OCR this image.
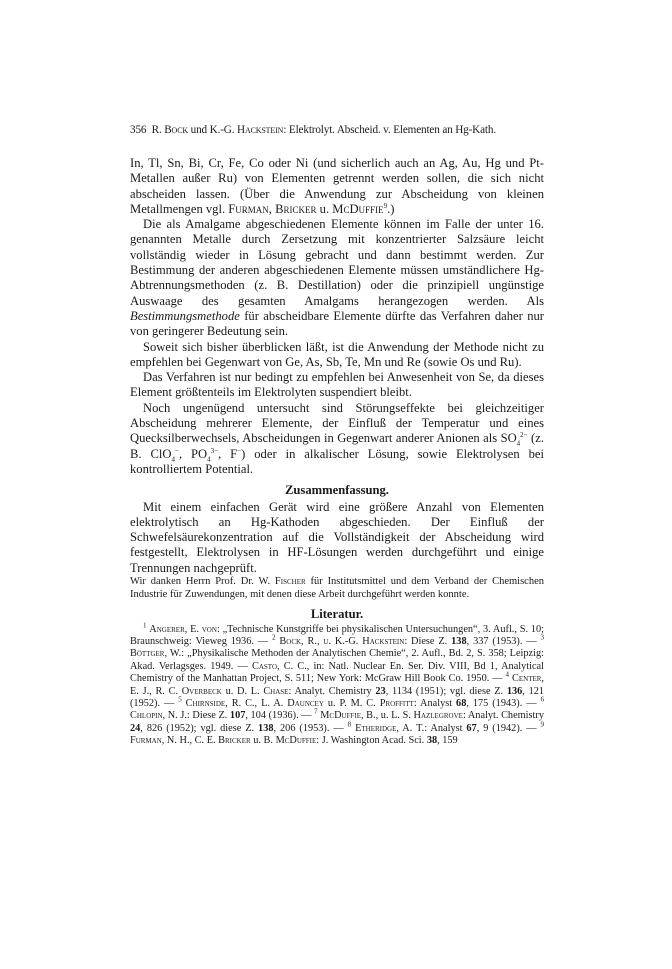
356 R. Bock und K.-G. Hackstein: Elektrolyt. Abscheid. v. Elementen an Hg-Kath.

In, Tl, Sn, Bi, Cr, Fe, Co oder Ni (und sicherlich auch an Ag, Au, Hg und Pt-Metallen außer Ru) von Elementen getrennt werden sollen, die sich nicht abscheiden lassen. (Über die Anwendung zur Abscheidung von kleinen Metallmengen vgl. Furman, Bricker u. McDuffie$^9$.)

Die als Amalgame abgeschiedenen Elemente können im Falle der unter 16. genannten Metalle durch Zersetzung mit konzentrierter Salzsäure leicht vollständig wieder in Lösung gebracht und dann bestimmt werden. Zur Bestimmung der anderen abgeschiedenen Elemente müssen umständlichere Hg-Abtrennungsmethoden (z. B. Destillation) oder die prinzipiell ungünstige Auswaage des gesamten Amalgams herangezogen werden. Als Bestimmungsmethode für abscheidbare Elemente dürfte das Verfahren daher nur von geringerer Bedeutung sein.

Soweit sich bisher überblicken läßt, ist die Anwendung der Methode nicht zu empfehlen bei Gegenwart von Ge, As, Sb, Te, Mn und Re (sowie Os und Ru).

Das Verfahren ist nur bedingt zu empfehlen bei Anwesenheit von Se, da dieses Element größtenteils im Elektrolyten suspendiert bleibt.

Noch ungenügend untersucht sind Störungseffekte bei gleichzeitiger Abscheidung mehrerer Elemente, der Einfluß der Temperatur und eines Quecksilberwechsels, Abscheidungen in Gegenwart anderer Anionen als $SO_4^{2-}$ (z. B. ClO$_4$−, $PO_4^{3-}$, F−) oder in alkalischer Lösung, sowie Elektrolysen bei kontrolliertem Potential.

Zusammenfassung.

Mit einem einfachen Gerät wird eine größere Anzahl von Elementen elektrolytisch an Hg-Kathoden abgeschieden. Der Einfluß der Schwefelsäurekonzentration auf die Vollständigkeit der Abscheidung wird festgestellt, Elektrolysen in HF-Lösungen werden durchgeführt und einige Trennungen nachgeprüft.

Wir danken Herrn Prof. Dr. W. Fischer für Institutsmittel und dem Verband der Chemischen Industrie für Zuwendungen, mit denen diese Arbeit durchgeführt werden konnte.

Literatur.

$^1$ Angerer, E. von: „Technische Kunstgriffe bei physikalischen Untersuchungen“, 3. Aufl., S. 10; Braunschweig: Vieweg 1936. — $^2$ Bock, R., u. K.-G. Hackstein: Diese Z. 138, 337 (1953). — $^3$ Böttger, W.: „Physikalische Methoden der Analytischen Chemie“, 2. Aufl., Bd. 2, S. 358; Leipzig: Akad. Verlagsges. 1949. — Casto, C. C., in: Natl. Nuclear En. Ser. Div. VIII, Bd 1, Analytical Chemistry of the Manhattan Project, S. 511; New York: McGraw Hill Book Co. 1950. — $^4$ Center, E. J., R. C. Overbeck u. D. L. Chase: Analyt. Chemistry 23, 1134 (1951); vgl. diese Z. 136, 121 (1952). — $^5$ Chirnside, R. C., L. A. Dauncey u. P. M. C. Proffitt: Analyst 68, 175 (1943). — $^6$ Chlopin, N. J.: Diese Z. 107, 104 (1936). — $^7$ McDuffie, B., u. L. S. Hazlegrove: Analyt. Chemistry 24, 826 (1952); vgl. diese Z. 138, 206 (1953). — $^8$ Etheridge, A. T.: Analyst 67, 9 (1942). — $^9$ Furman, N. H., C. E. Bricker u. B. McDuffie: J. Washington Acad. Sci. 38, 159
